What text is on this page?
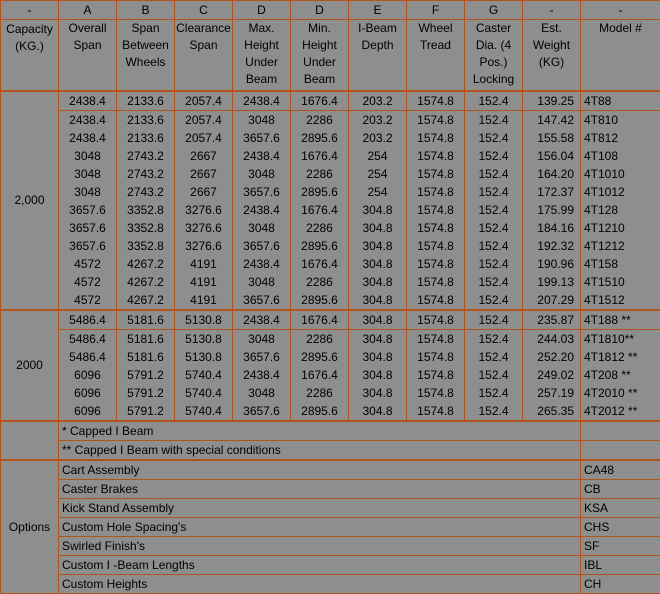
-	A	B	C	D	D	E	F	G	-	-
Capacity (KG.)	Overall Span	Span Between Wheels	Clearance Span	Max. Height Under Beam	Min. Height Under Beam	I-Beam Depth	Wheel Tread	Caster Dia. (4 Pos.) Locking	Est. Weight (KG)	Model #
2,000	2438.4	2133.6	2057.4	2438.4	1676.4	203.2	1574.8	152.4	139.25	4T88
	2438.4	2133.6	2057.4	3048	2286	203.2	1574.8	152.4	147.42	4T810
	2438.4	2133.6	2057.4	3657.6	2895.6	203.2	1574.8	152.4	155.58	4T812
	3048	2743.2	2667	2438.4	1676.4	254	1574.8	152.4	156.04	4T108
	3048	2743.2	2667	3048	2286	254	1574.8	152.4	164.20	4T1010
	3048	2743.2	2667	3657.6	2895.6	254	1574.8	152.4	172.37	4T1012
	3657.6	3352.8	3276.6	2438.4	1676.4	304.8	1574.8	152.4	175.99	4T128
	3657.6	3352.8	3276.6	3048	2286	304.8	1574.8	152.4	184.16	4T1210
	3657.6	3352.8	3276.6	3657.6	2895.6	304.8	1574.8	152.4	192.32	4T1212
	4572	4267.2	4191	2438.4	1676.4	304.8	1574.8	152.4	190.96	4T158
	4572	4267.2	4191	3048	2286	304.8	1574.8	152.4	199.13	4T1510
	4572	4267.2	4191	3657.6	2895.6	304.8	1574.8	152.4	207.29	4T1512
2000	5486.4	5181.6	5130.8	2438.4	1676.4	304.8	1574.8	152.4	235.87	4T188 **
	5486.4	5181.6	5130.8	3048	2286	304.8	1574.8	152.4	244.03	4T1810**
	5486.4	5181.6	5130.8	3657.6	2895.6	304.8	1574.8	152.4	252.20	4T1812 **
	6096	5791.2	5740.4	2438.4	1676.4	304.8	1574.8	152.4	249.02	4T208 **
	6096	5791.2	5740.4	3048	2286	304.8	1574.8	152.4	257.19	4T2010 **
	6096	5791.2	5740.4	3657.6	2895.6	304.8	1574.8	152.4	265.35	4T2012 **
	* Capped I Beam									
	** Capped I Beam with special conditions									
Options	Cart Assembly									CA48
	Caster Brakes									CB
	Kick Stand Assembly									KSA
	Custom Hole Spacing's									CHS
	Swirled Finish's									SF
	Custom I -Beam Lengths									IBL
	Custom Heights									CH
